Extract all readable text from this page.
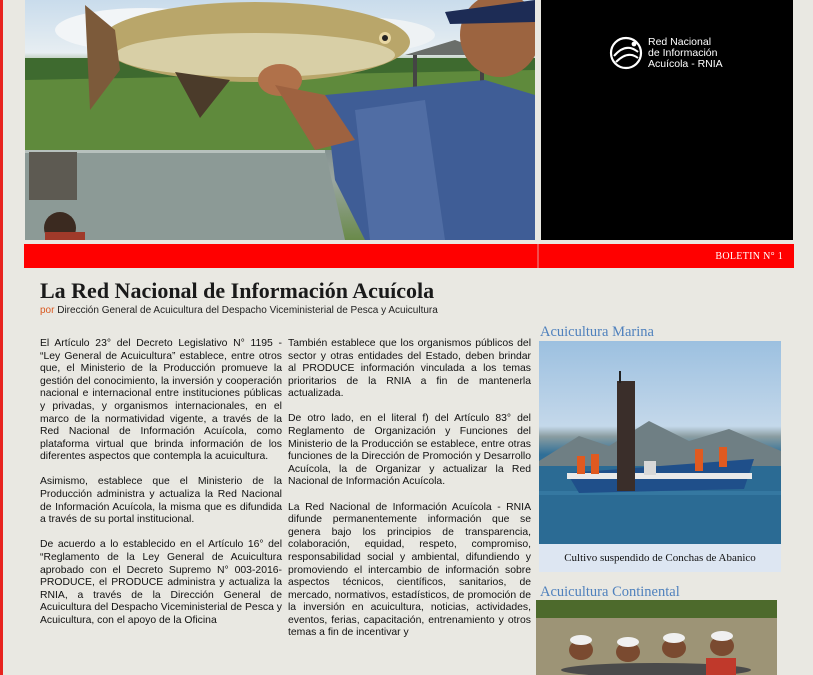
Red Nacional
de Información
Acuícola - RNIA
BOLETIN N° 1
La Red Nacional de Información Acuícola
por Dirección General de Acuicultura del Despacho Viceministerial de Pesca y Acuicultura

El Artículo 23° del Decreto Legislativo N° 1195 - “Ley General de Acuicultura” establece, entre otros que, el Ministerio de la Producción promueve la gestión del conocimiento, la inversión y cooperación nacional e internacional entre instituciones públicas y privadas, y organismos internacionales, en el marco de la normatividad vigente, a través de la Red Nacional de Información Acuícola, como plataforma virtual que brinda información de los diferentes aspectos que contempla la acuicultura.

Asimismo, establece que el Ministerio de la Producción administra y actualiza la Red Nacional de Información Acuícola, la misma que es difundida a través de su portal institucional.

De acuerdo a lo establecido en el Artículo 16° del “Reglamento de la Ley General de Acuicultura aprobado con el Decreto Supremo N° 003-2016-PRODUCE, el PRODUCE administra y actualiza la RNIA, a través de la Dirección General de Acuicultura del Despacho Viceministerial de Pesca y Acuicultura, con el apoyo de la Oficina

También establece que los organismos públicos del sector y otras entidades del Estado, deben brindar al PRODUCE información vinculada a los temas prioritarios de la RNIA a fin de mantenerla actualizada.

De otro lado, en el literal f) del Artículo 83° del Reglamento de Organización y Funciones del Ministerio de la Producción se establece, entre otras funciones de la Dirección de Promoción y Desarrollo Acuícola, la de Organizar y actualizar la Red Nacional de Información Acuícola.

La Red Nacional de Información Acuícola - RNIA difunde permanentemente información que se genera bajo los principios de transparencia, colaboración, equidad, respeto, compromiso, responsabilidad social y ambiental, difundiendo y promoviendo el intercambio de información sobre aspectos técnicos, científicos, sanitarios, de mercado, normativos, estadísticos, de promoción de la inversión en acuicultura, noticias, actividades, eventos, ferias, capacitación, entrenamiento y otros temas a fin de incentivar y

Acuicultura Marina
Cultivo suspendido de Conchas de Abanico
Acuicultura Continental
